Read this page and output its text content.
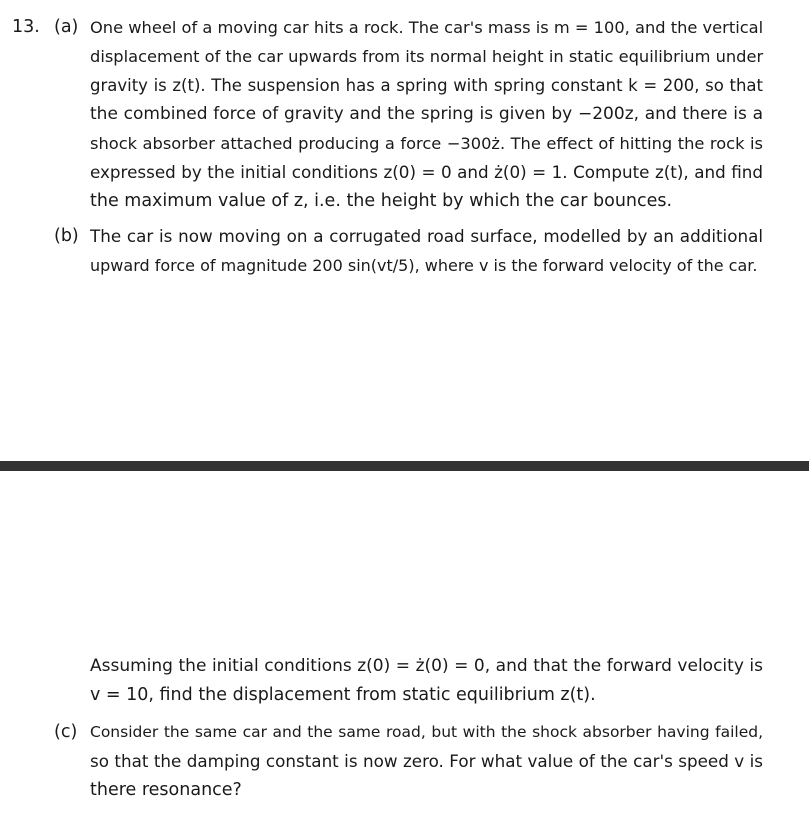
13. (a) One wheel of a moving car hits a rock. The car's mass is m = 100, and the vertical
displacement of the car upwards from its normal height in static equilibrium under
gravity is z(t). The suspension has a spring with spring constant k = 200, so that
the combined force of gravity and the spring is given by −200z, and there is a
shock absorber attached producing a force −300ż. The effect of hitting the rock is
expressed by the initial conditions z(0) = 0 and ż(0) = 1. Compute z(t), and find
the maximum value of z, i.e. the height by which the car bounces.
(b) The car is now moving on a corrugated road surface, modelled by an additional
upward force of magnitude 200 sin(vt/5), where v is the forward velocity of the car.
Assuming the initial conditions z(0) = ż(0) = 0, and that the forward velocity is
v = 10, find the displacement from static equilibrium z(t).
(c) Consider the same car and the same road, but with the shock absorber having failed,
so that the damping constant is now zero. For what value of the car's speed v is
there resonance?
